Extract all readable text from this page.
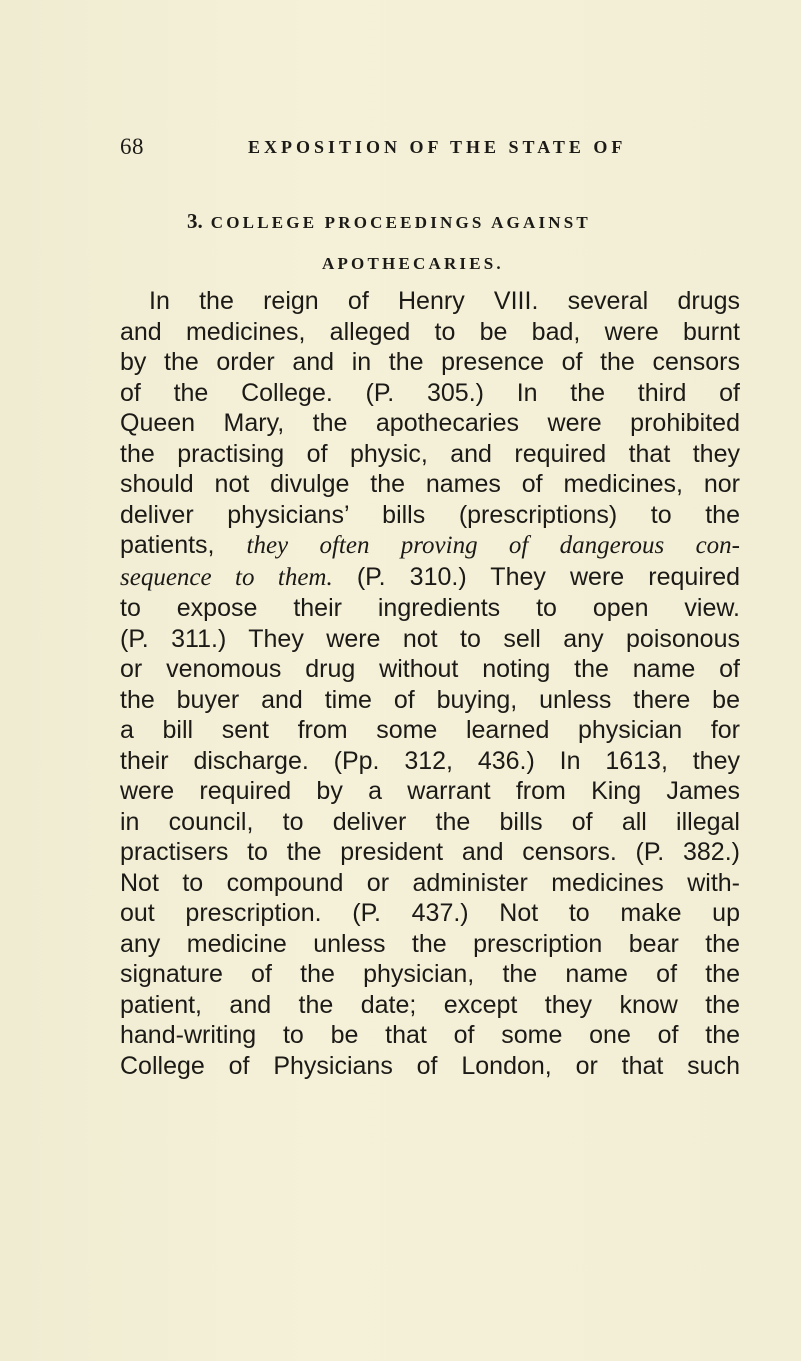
68	EXPOSITION OF THE STATE OF
3. COLLEGE PROCEEDINGS AGAINST
APOTHECARIES.
In the reign of Henry VIII. several drugs
and medicines, alleged to be bad, were burnt
by the order and in the presence of the censors
of the College. (P. 305.) In the third of
Queen Mary, the apothecaries were prohibited
the practising of physic, and required that they
should not divulge the names of medicines, nor
deliver physicians’ bills (prescriptions) to the
patients, they often proving of dangerous con-
sequence to them. (P. 310.) They were required
to expose their ingredients to open view.
(P. 311.) They were not to sell any poisonous
or venomous drug without noting the name of
the buyer and time of buying, unless there be
a bill sent from some learned physician for
their discharge. (Pp. 312, 436.) In 1613, they
were required by a warrant from King James
in council, to deliver the bills of all illegal
practisers to the president and censors. (P. 382.)
Not to compound or administer medicines with-
out prescription. (P. 437.) Not to make up
any medicine unless the prescription bear the
signature of the physician, the name of the
patient, and the date; except they know the
hand-writing to be that of some one of the
College of Physicians of London, or that such
